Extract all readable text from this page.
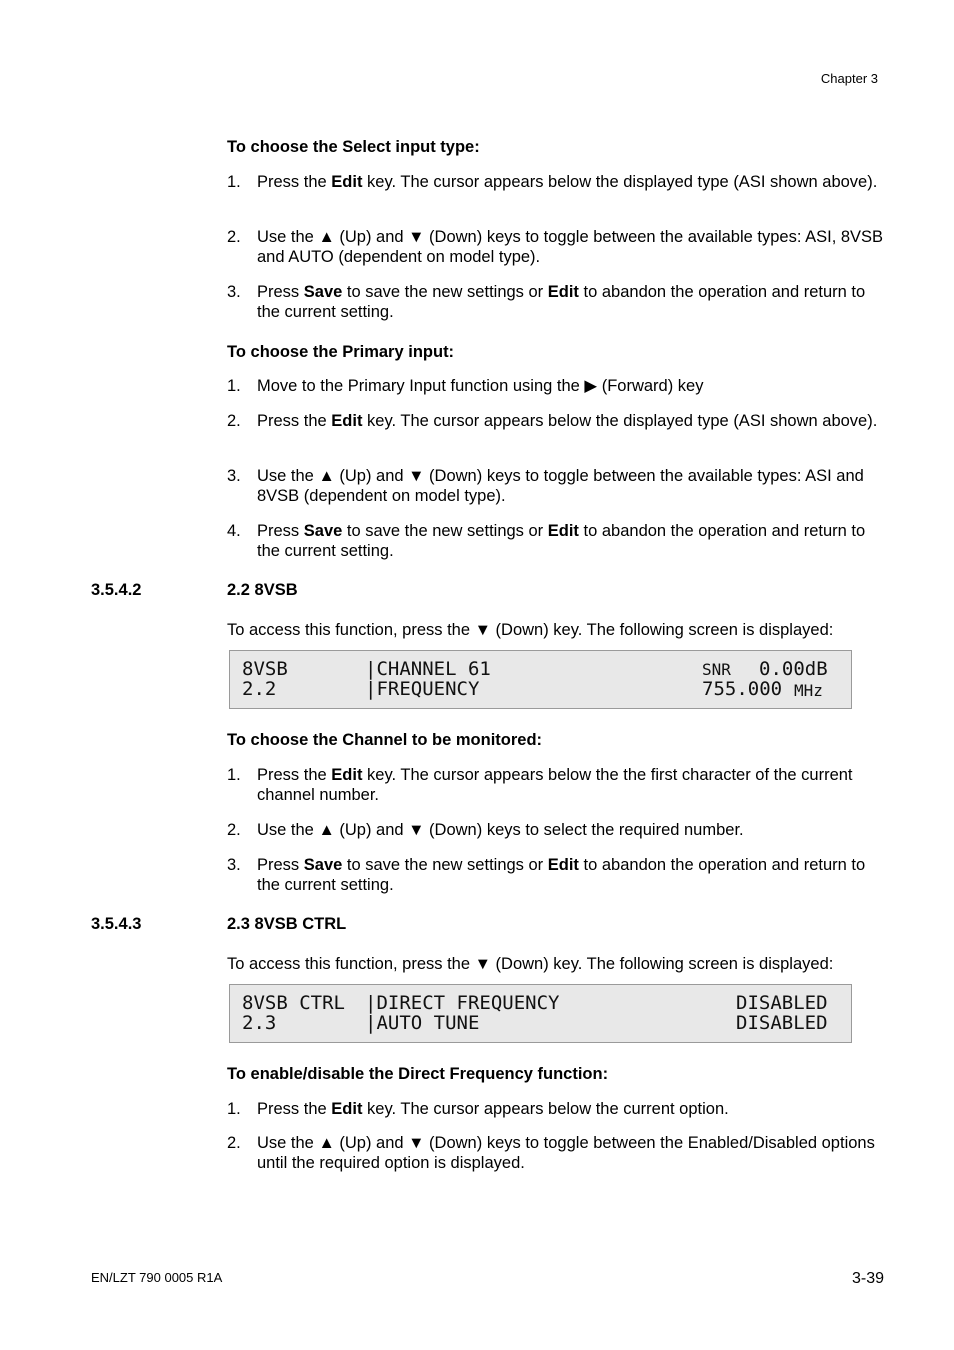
Chapter 3
To choose the Select input type:
1. Press the Edit key. The cursor appears below the displayed type (ASI shown above).
2. Use the ▲ (Up) and ▼ (Down) keys to toggle between the available types: ASI, 8VSB and AUTO (dependent on model type).
3. Press Save to save the new settings or Edit to abandon the operation and return to the current setting.
To choose the Primary input:
1. Move to the Primary Input function using the ▶ (Forward) key
2. Press the Edit key. The cursor appears below the displayed type (ASI shown above).
3. Use the ▲ (Up) and ▼ (Down) keys to toggle between the available types: ASI and 8VSB (dependent on model type).
4. Press Save to save the new settings or Edit to abandon the operation and return to the current setting.
3.5.4.2	2.2 8VSB
To access this function, press the ▼ (Down) key. The following screen is displayed:
8VSB	|CHANNEL 61	SNR 0.00dB
2.2	|FREQUENCY	755.000 MHz
To choose the Channel to be monitored:
1. Press the Edit key. The cursor appears below the the first character of the current channel number.
2. Use the ▲ (Up) and ▼ (Down) keys to select the required number.
3. Press Save to save the new settings or Edit to abandon the operation and return to the current setting.
3.5.4.3	2.3 8VSB CTRL
To access this function, press the ▼ (Down) key. The following screen is displayed:
8VSB CTRL |DIRECT FREQUENCY	DISABLED
2.3	|AUTO TUNE	DISABLED
To enable/disable the Direct Frequency function:
1. Press the Edit key. The cursor appears below the current option.
2. Use the ▲ (Up) and ▼ (Down) keys to toggle between the Enabled/Disabled options until the required option is displayed.
EN/LZT 790 0005 R1A	3-39
